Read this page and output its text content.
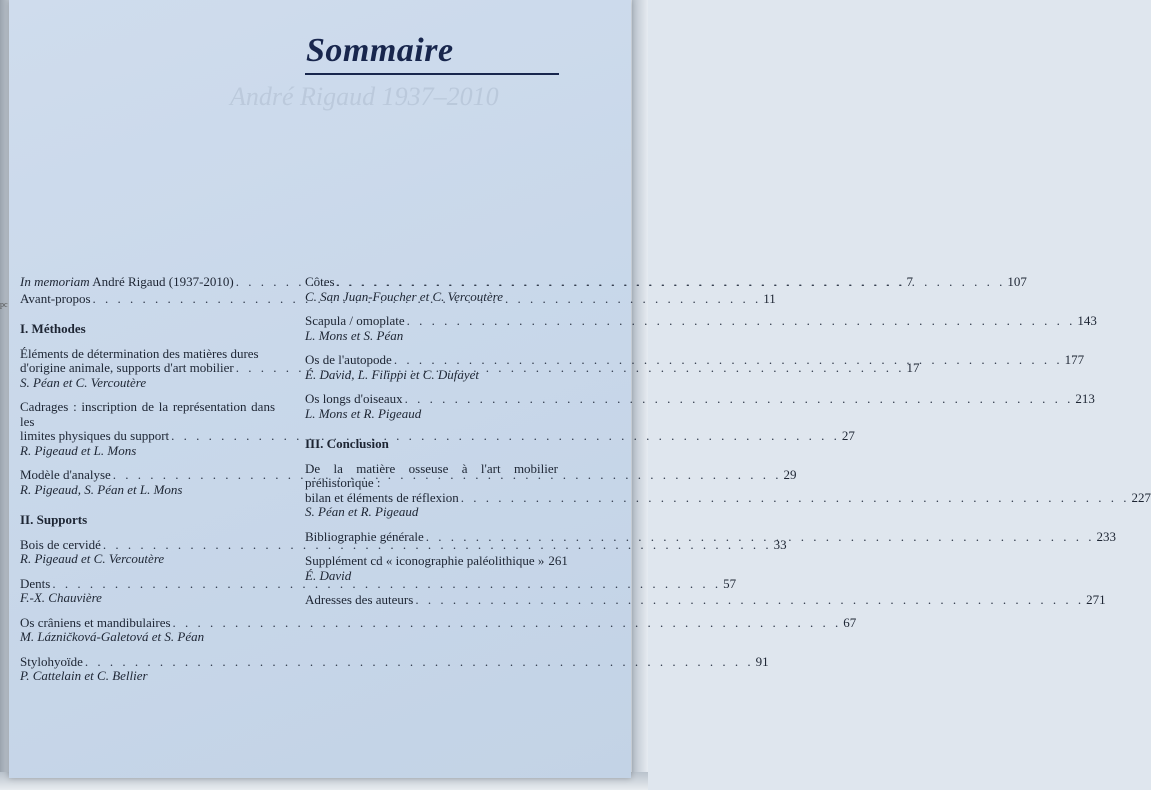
pc
André Rigaud 1937–2010
Sommaire
In memoriam André Rigaud (1937-2010) . . .	7
Avant-propos . . .	11
I. Méthodes
Éléments de détermination des matières dures
d'origine animale, supports d'art mobilier . . .	17
S. Péan et C. Vercoutère
Cadrages : inscription de la représentation dans les
limites physiques du support . . .	27
R. Pigeaud et L. Mons
Modèle d'analyse . . .	29
R. Pigeaud, S. Péan et L. Mons
II. Supports
Bois de cervidé . . .	33
R. Pigeaud et C. Vercoutère
Dents . . .	57
F.-X. Chauvière
Os crâniens et mandibulaires . . .	67
M. Lázničková-Galetová et S. Péan
Stylohyoïde . . .	91
P. Cattelain et C. Bellier
Côtes . . .	107
C. San Juan-Foucher et C. Vercoutère
Scapula / omoplate . . .	143
L. Mons et S. Péan
Os de l'autopode . . .	177
É. David, L. Filippi et C. Dufayet
Os longs d'oiseaux . . .	213
L. Mons et R. Pigeaud
III. Conclusion
De la matière osseuse à l'art mobilier préhistorique :
bilan et éléments de réflexion . . .	227
S. Péan et R. Pigeaud
Bibliographie générale . . .	233
Supplément cd « iconographie paléolithique » 261
É. David
Adresses des auteurs . . .	271
